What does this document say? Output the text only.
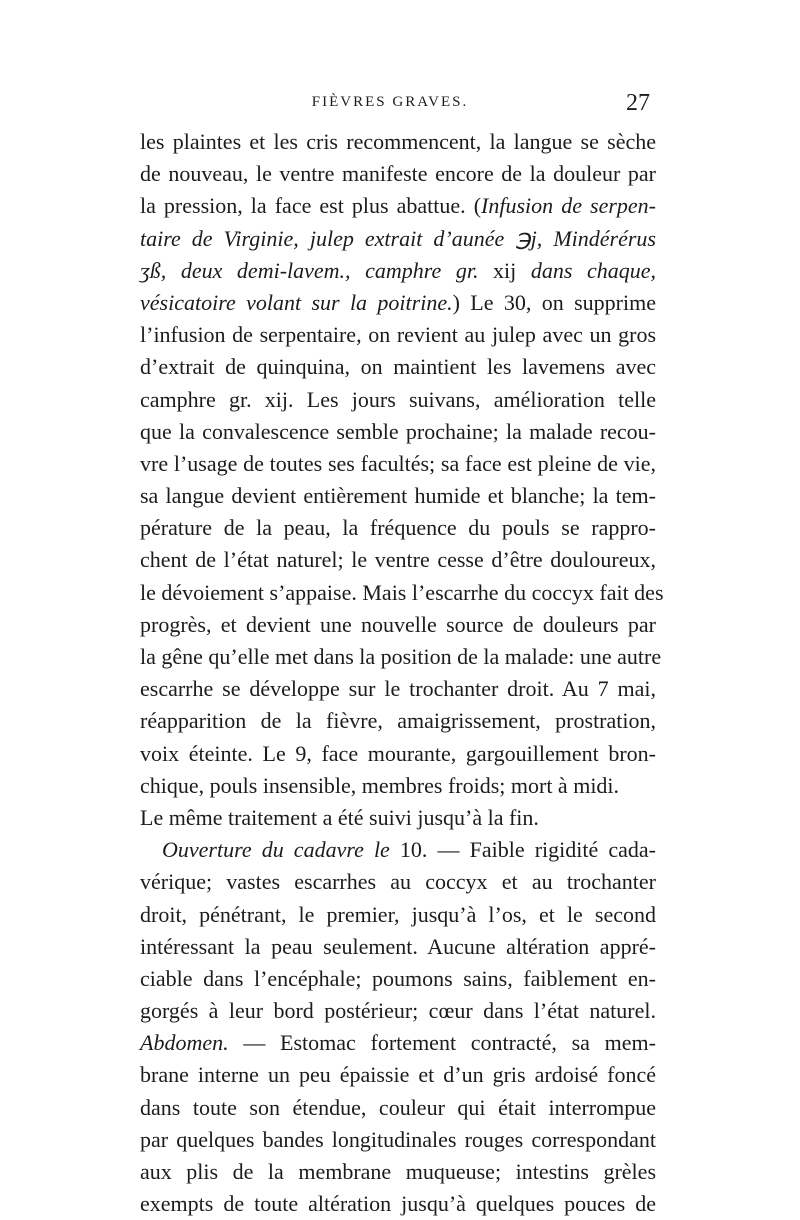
FIÈVRES GRAVES.	27
les plaintes et les cris recommencent, la langue se sèche
de nouveau, le ventre manifeste encore de la douleur par
la pression, la face est plus abattue. (Infusion de serpen-
taire de Virginie, julep extrait d’aunée ℈j, Mindérérus
ʒß, deux demi-lavem., camphre gr. xij dans chaque,
vésicatoire volant sur la poitrine.) Le 30, on supprime
l’infusion de serpentaire, on revient au julep avec un gros
d’extrait de quinquina, on maintient les lavemens avec
camphre gr. xij. Les jours suivans, amélioration telle
que la convalescence semble prochaine; la malade recou-
vre l’usage de toutes ses facultés; sa face est pleine de vie,
sa langue devient entièrement humide et blanche; la tem-
pérature de la peau, la fréquence du pouls se rappro-
chent de l’état naturel; le ventre cesse d’être douloureux,
le dévoiement s’appaise. Mais l’escarrhe du coccyx fait des
progrès, et devient une nouvelle source de douleurs par
la gêne qu’elle met dans la position de la malade: une autre
escarrhe se développe sur le trochanter droit. Au 7 mai,
réapparition de la fièvre, amaigrissement, prostration,
voix éteinte. Le 9, face mourante, gargouillement bron-
chique, pouls insensible, membres froids; mort à midi.
Le même traitement a été suivi jusqu’à la fin.
Ouverture du cadavre le 10. — Faible rigidité cada-
vérique; vastes escarrhes au coccyx et au trochanter
droit, pénétrant, le premier, jusqu’à l’os, et le second
intéressant la peau seulement. Aucune altération appré-
ciable dans l’encéphale; poumons sains, faiblement en-
gorgés à leur bord postérieur; cœur dans l’état naturel.
Abdomen. — Estomac fortement contracté, sa mem-
brane interne un peu épaissie et d’un gris ardoisé foncé
dans toute son étendue, couleur qui était interrompue
par quelques bandes longitudinales rouges correspondant
aux plis de la membrane muqueuse; intestins grèles
exempts de toute altération jusqu’à quelques pouces de
